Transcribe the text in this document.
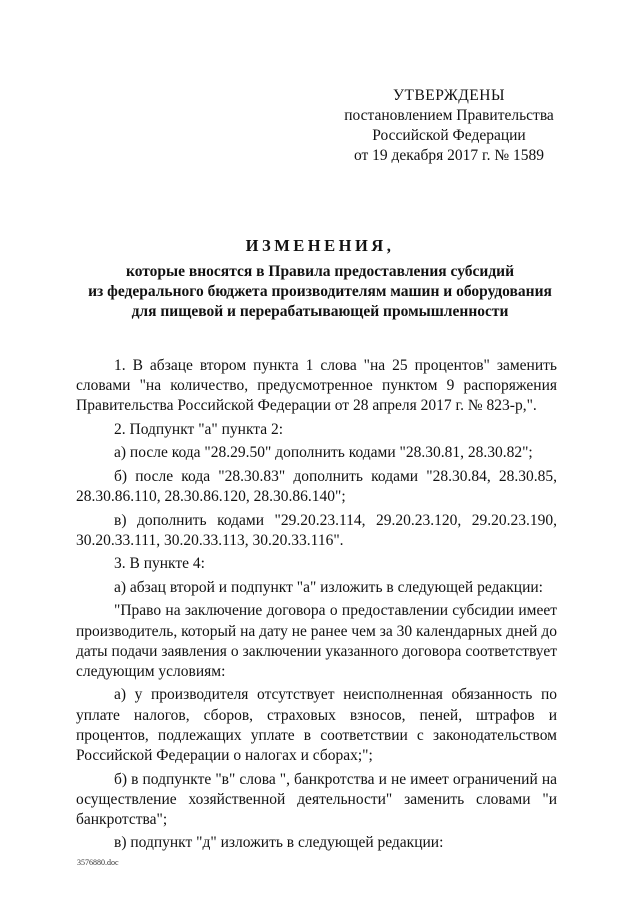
УТВЕРЖДЕНЫ
постановлением Правительства
Российской Федерации
от 19 декабря 2017 г. № 1589
ИЗМЕНЕНИЯ,
которые вносятся в Правила предоставления субсидий
из федерального бюджета производителям машин и оборудования
для пищевой и перерабатывающей промышленности

1. В абзаце втором пункта 1 слова "на 25 процентов" заменить словами "на количество, предусмотренное пунктом 9 распоряжения Правительства Российской Федерации от 28 апреля 2017 г. № 823-р,".

2. Подпункт "а" пункта 2:

а) после кода "28.29.50" дополнить кодами "28.30.81, 28.30.82";

б) после кода "28.30.83" дополнить кодами "28.30.84, 28.30.85, 28.30.86.110, 28.30.86.120, 28.30.86.140";

в) дополнить кодами "29.20.23.114, 29.20.23.120, 29.20.23.190, 30.20.33.111, 30.20.33.113, 30.20.33.116".

3. В пункте 4:

а) абзац второй и подпункт "а" изложить в следующей редакции:

"Право на заключение договора о предоставлении субсидии имеет производитель, который на дату не ранее чем за 30 календарных дней до даты подачи заявления о заключении указанного договора соответствует следующим условиям:

а) у производителя отсутствует неисполненная обязанность по уплате налогов, сборов, страховых взносов, пеней, штрафов и процентов, подлежащих уплате в соответствии с законодательством Российской Федерации о налогах и сборах;";

б) в подпункте "в" слова ", банкротства и не имеет ограничений на осуществление хозяйственной деятельности" заменить словами "и банкротства";

в) подпункт "д" изложить в следующей редакции:

3576880.doc
